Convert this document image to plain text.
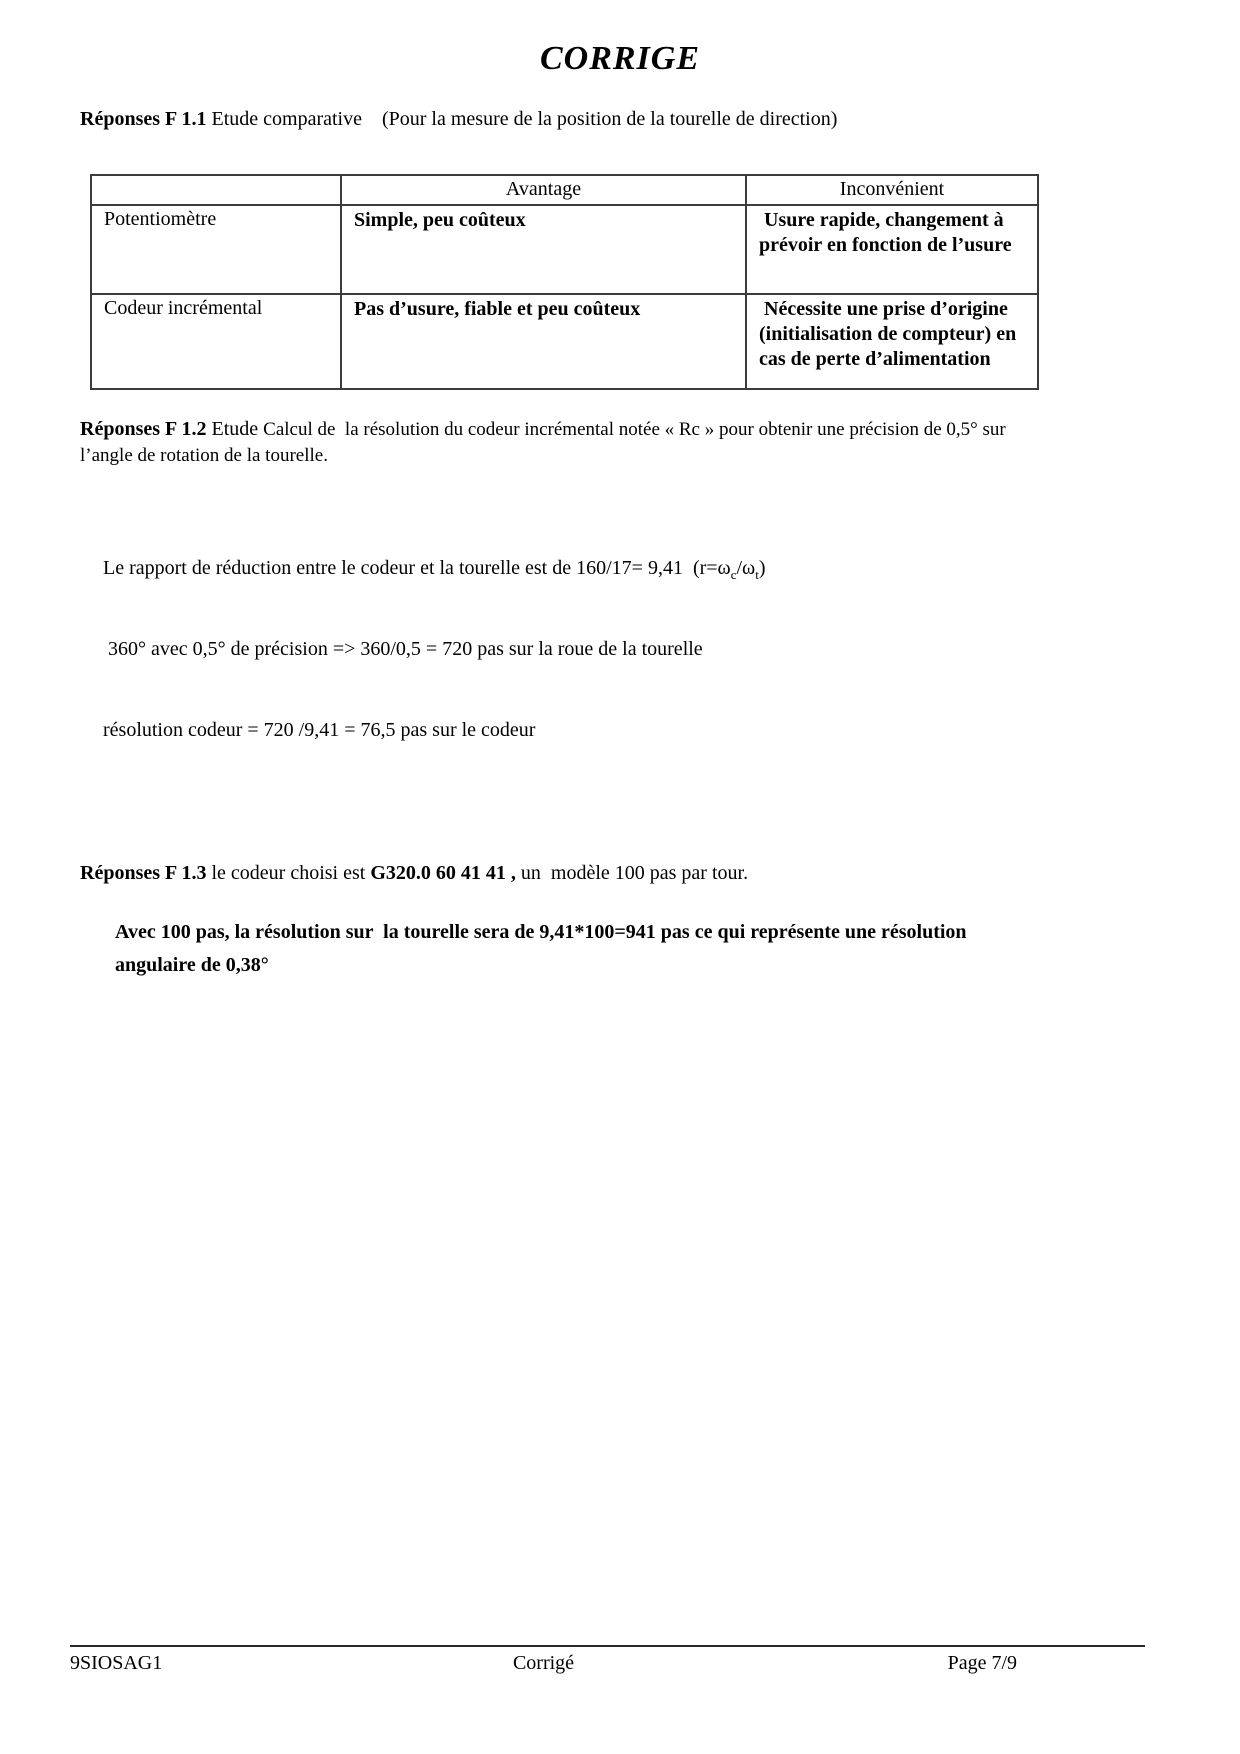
CORRIGE

Réponses F 1.1 Etude comparative    (Pour la mesure de la position de la tourelle de direction)

	Avantage	Inconvénient
Potentiomètre	Simple, peu coûteux	Usure rapide, changement à prévoir en fonction de l’usure
Codeur incrémental	Pas d’usure, fiable et peu coûteux	Nécessite une prise d’origine (initialisation de compteur) en cas de perte d’alimentation

Réponses F 1.2 Etude Calcul de  la résolution du codeur incrémental notée « Rc » pour obtenir une précision de 0,5° sur l’angle de rotation de la tourelle.

Le rapport de réduction entre le codeur et la tourelle est de 160/17= 9,41  $(r=\omega_c/\omega_t)$

360° avec 0,5° de précision => 360/0,5 = 720 pas sur la roue de la tourelle

résolution codeur = 720 /9,41 = 76,5 pas sur le codeur

Réponses F 1.3 le codeur choisi est G320.0 60 41 41 , un  modèle 100 pas par tour.

Avec 100 pas, la résolution sur  la tourelle sera de 9,41*100=941 pas ce qui représente une résolution angulaire de 0,38°
9SIOSAG1	Corrigé	Page 7/9
